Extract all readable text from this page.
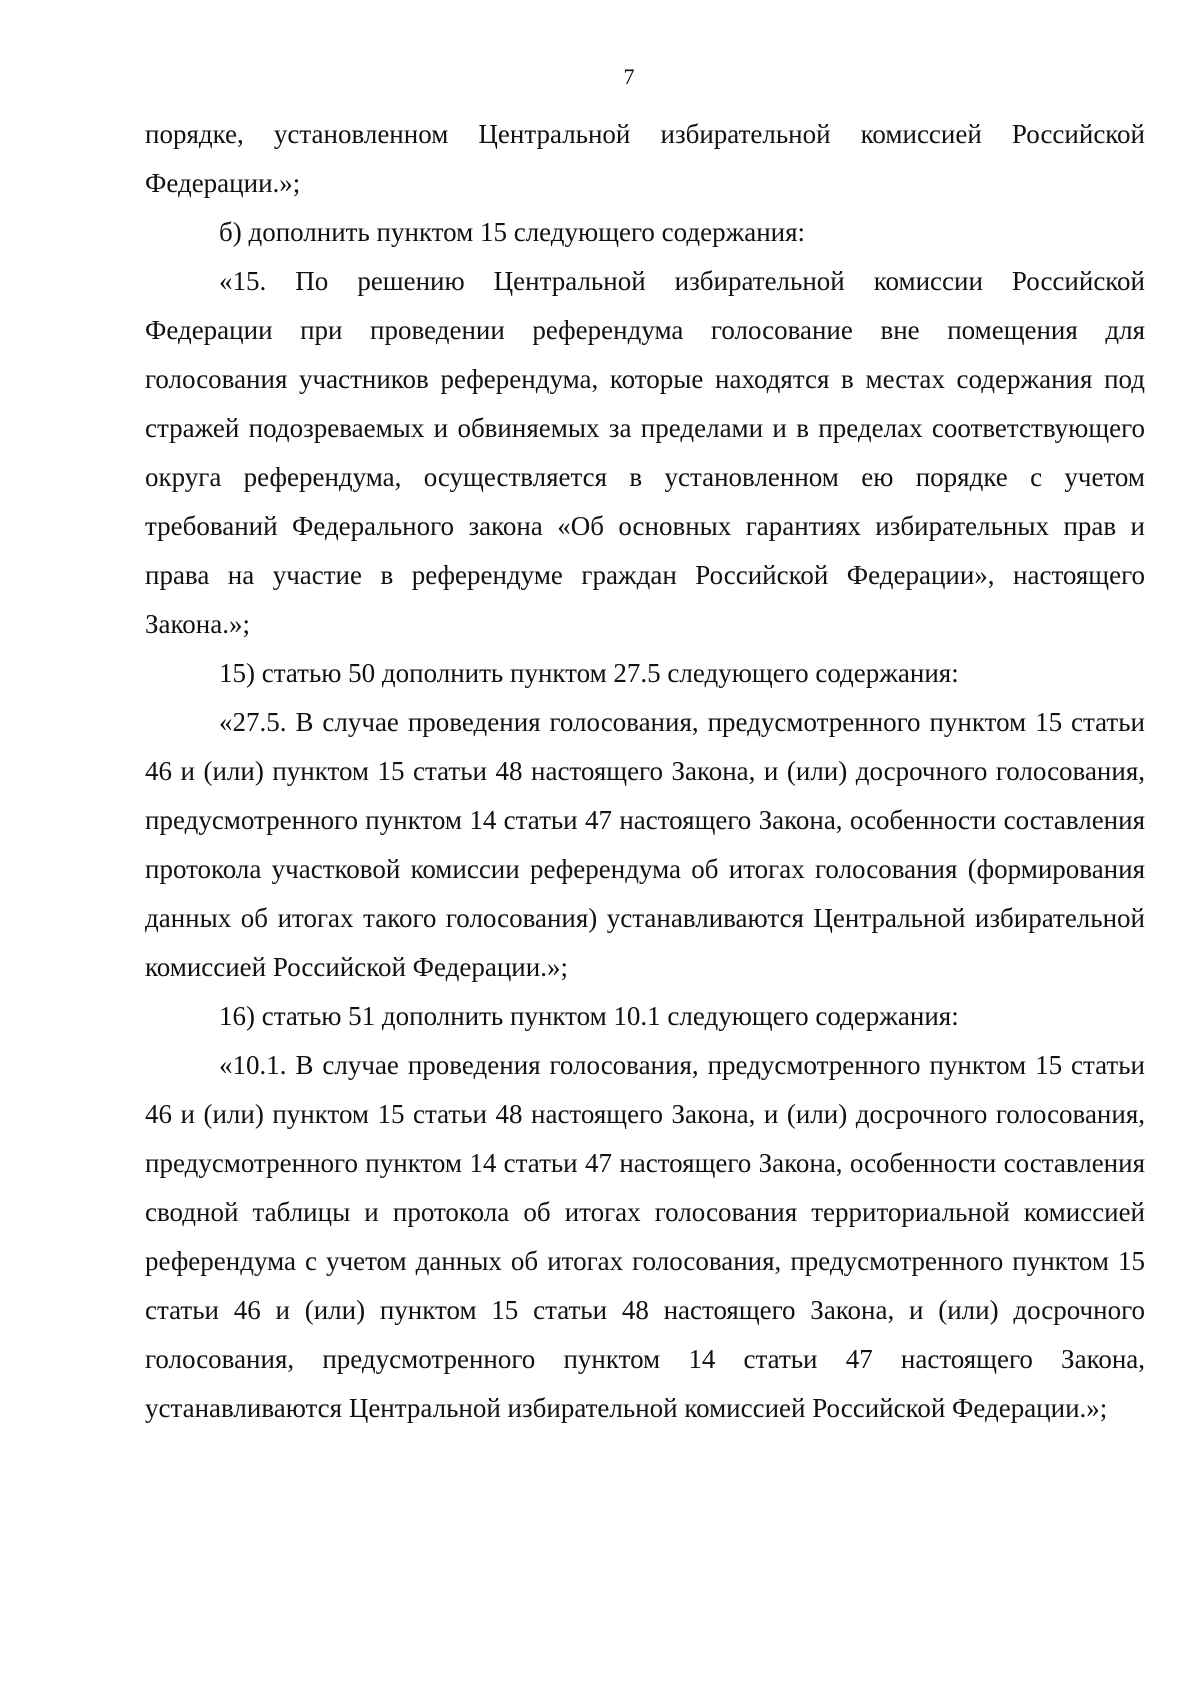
7

порядке, установленном Центральной избирательной комиссией Российской Федерации.»;

б) дополнить пунктом 15 следующего содержания:

«15. По решению Центральной избирательной комиссии Российской Федерации при проведении референдума голосование вне помещения для голосования участников референдума, которые находятся в местах содержания под стражей подозреваемых и обвиняемых за пределами и в пределах соответствующего округа референдума, осуществляется в установленном ею порядке с учетом требований Федерального закона «Об основных гарантиях избирательных прав и права на участие в референдуме граждан Российской Федерации», настоящего Закона.»;

15) статью 50 дополнить пунктом 27.5 следующего содержания:

«27.5. В случае проведения голосования, предусмотренного пунктом 15 статьи 46 и (или) пунктом 15 статьи 48 настоящего Закона, и (или) досрочного голосования, предусмотренного пунктом 14 статьи 47 настоящего Закона, особенности составления протокола участковой комиссии референдума об итогах голосования (формирования данных об итогах такого голосования) устанавливаются Центральной избирательной комиссией Российской Федерации.»;

16) статью 51 дополнить пунктом 10.1 следующего содержания:

«10.1. В случае проведения голосования, предусмотренного пунктом 15 статьи 46 и (или) пунктом 15 статьи 48 настоящего Закона, и (или) досрочного голосования, предусмотренного пунктом 14 статьи 47 настоящего Закона, особенности составления сводной таблицы и протокола об итогах голосования территориальной комиссией референдума с учетом данных об итогах голосования, предусмотренного пунктом 15 статьи 46 и (или) пунктом 15 статьи 48 настоящего Закона, и (или) досрочного голосования, предусмотренного пунктом 14 статьи 47 настоящего Закона, устанавливаются Центральной избирательной комиссией Российской Федерации.»;
